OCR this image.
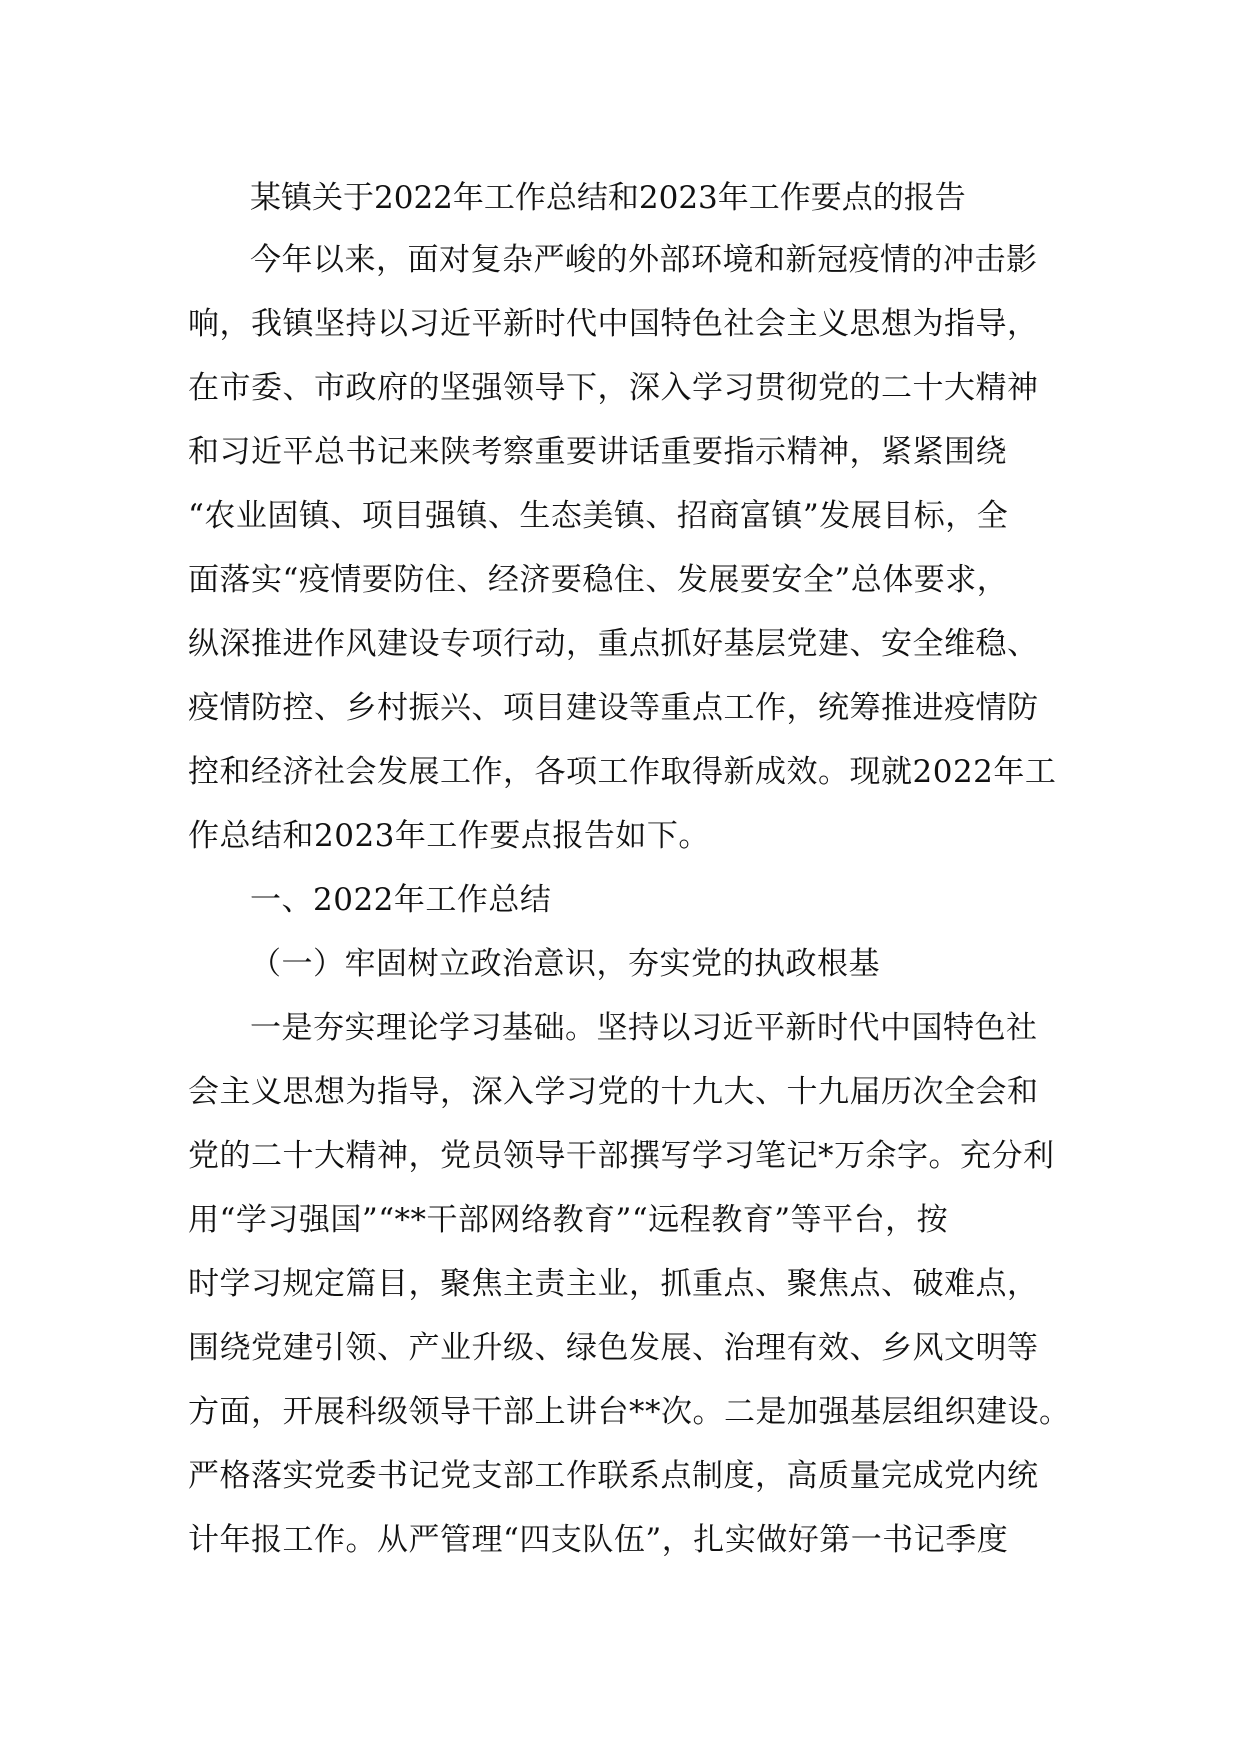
某镇关于2022年工作总结和2023年工作要点的报告
今年以来，面对复杂严峻的外部环境和新冠疫情的冲击影
响，我镇坚持以习近平新时代中国特色社会主义思想为指导，
在市委、市政府的坚强领导下，深入学习贯彻党的二十大精神
和习近平总书记来陕考察重要讲话重要指示精神，紧紧围绕
“农业固镇、项目强镇、生态美镇、招商富镇”发展目标，全
面落实“疫情要防住、经济要稳住、发展要安全”总体要求，
纵深推进作风建设专项行动，重点抓好基层党建、安全维稳、
疫情防控、乡村振兴、项目建设等重点工作，统筹推进疫情防
控和经济社会发展工作，各项工作取得新成效。现就2022年工
作总结和2023年工作要点报告如下。
一、2022年工作总结
（一）牢固树立政治意识，夯实党的执政根基
一是夯实理论学习基础。坚持以习近平新时代中国特色社
会主义思想为指导，深入学习党的十九大、十九届历次全会和
党的二十大精神，党员领导干部撰写学习笔记*万余字。充分利
用“学习强国”“**干部网络教育”“远程教育”等平台，按
时学习规定篇目，聚焦主责主业，抓重点、聚焦点、破难点，
围绕党建引领、产业升级、绿色发展、治理有效、乡风文明等
方面，开展科级领导干部上讲台**次。二是加强基层组织建设。
严格落实党委书记党支部工作联系点制度，高质量完成党内统
计年报工作。从严管理“四支队伍”，扎实做好第一书记季度
